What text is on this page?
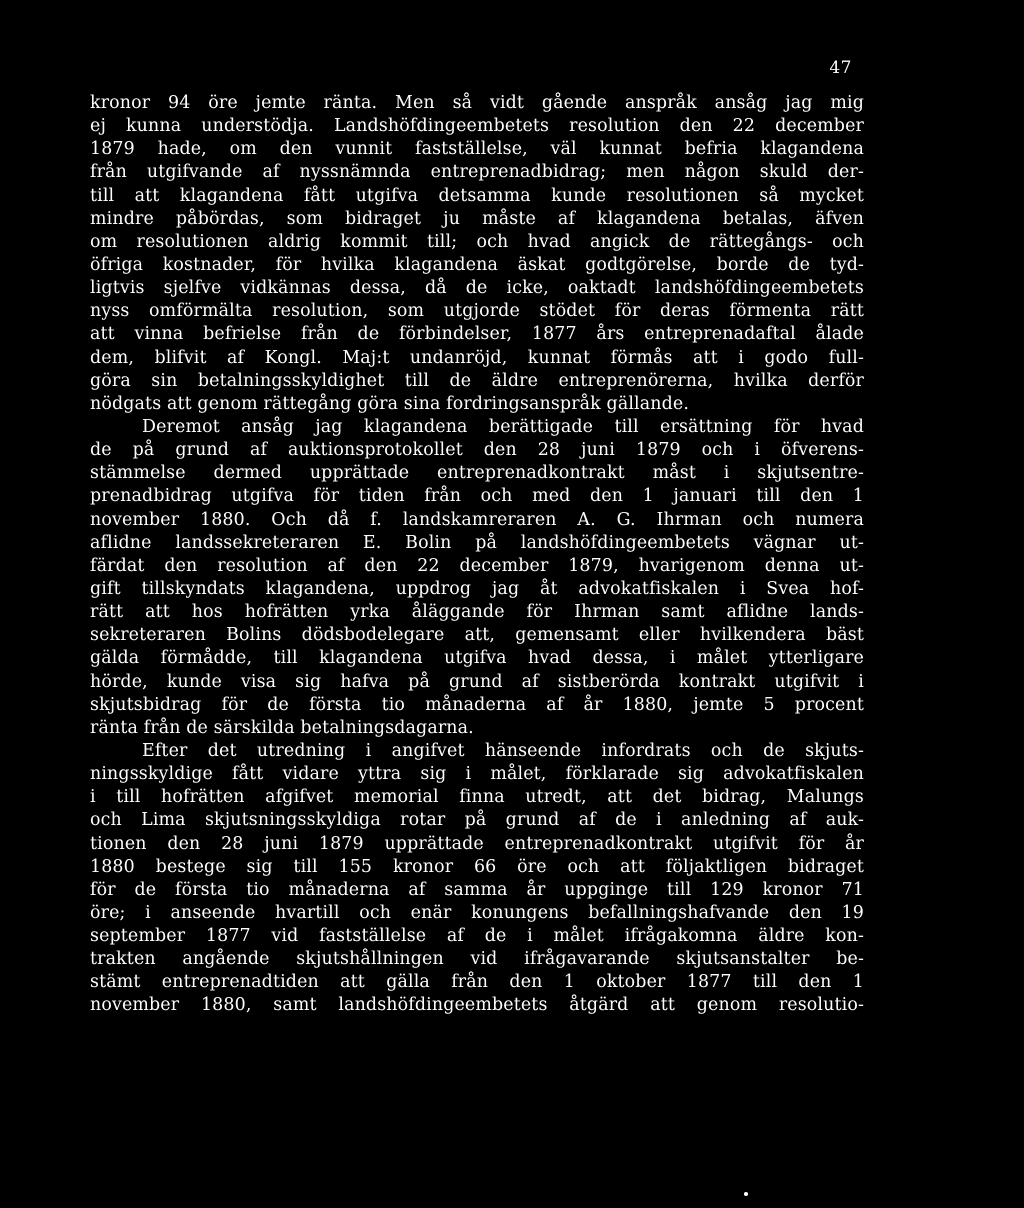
47
kronor 94 öre jemte ränta. Men så vidt gående anspråk ansåg jag mig
ej kunna understödja. Landshöfdingeembetets resolution den 22 december
1879 hade, om den vunnit fastställelse, väl kunnat befria klagandena
från utgifvande af nyssnämnda entreprenadbidrag; men någon skuld der-
till att klagandena fått utgifva detsamma kunde resolutionen så mycket
mindre påbördas, som bidraget ju måste af klagandena betalas, äfven
om resolutionen aldrig kommit till; och hvad angick de rättegångs- och
öfriga kostnader, för hvilka klagandena äskat godtgörelse, borde de tyd-
ligtvis sjelfve vidkännas dessa, då de icke, oaktadt landshöfdingeembetets
nyss omförmälta resolution, som utgjorde stödet för deras förmenta rätt
att vinna befrielse från de förbindelser, 1877 års entreprenadaftal ålade
dem, blifvit af Kongl. Maj:t undanröjd, kunnat förmås att i godo full-
göra sin betalningsskyldighet till de äldre entreprenörerna, hvilka derför
nödgats att genom rättegång göra sina fordringsanspråk gällande.
Deremot ansåg jag klagandena berättigade till ersättning för hvad
de på grund af auktionsprotokollet den 28 juni 1879 och i öfverens-
stämmelse dermed upprättade entreprenadkontrakt måst i skjutsentre-
prenadbidrag utgifva för tiden från och med den 1 januari till den 1
november 1880. Och då f. landskamreraren A. G. Ihrman och numera
aflidne landssekreteraren E. Bolin på landshöfdingeembetets vägnar ut-
färdat den resolution af den 22 december 1879, hvarigenom denna ut-
gift tillskyndats klagandena, uppdrog jag åt advokatfiskalen i Svea hof-
rätt att hos hofrätten yrka åläggande för Ihrman samt aflidne lands-
sekreteraren Bolins dödsbodelegare att, gemensamt eller hvilkendera bäst
gälda förmådde, till klagandena utgifva hvad dessa, i målet ytterligare
hörde, kunde visa sig hafva på grund af sistberörda kontrakt utgifvit i
skjutsbidrag för de första tio månaderna af år 1880, jemte 5 procent
ränta från de särskilda betalningsdagarna.
Efter det utredning i angifvet hänseende infordrats och de skjuts-
ningsskyldige fått vidare yttra sig i målet, förklarade sig advokatfiskalen
i till hofrätten afgifvet memorial finna utredt, att det bidrag, Malungs
och Lima skjutsningsskyldiga rotar på grund af de i anledning af auk-
tionen den 28 juni 1879 upprättade entreprenadkontrakt utgifvit för år
1880 bestege sig till 155 kronor 66 öre och att följaktligen bidraget
för de första tio månaderna af samma år uppginge till 129 kronor 71
öre; i anseende hvartill och enär konungens befallningshafvande den 19
september 1877 vid fastställelse af de i målet ifrågakomna äldre kon-
trakten angående skjutshållningen vid ifrågavarande skjutsanstalter be-
stämt entreprenadtiden att gälla från den 1 oktober 1877 till den 1
november 1880, samt landshöfdingeembetets åtgärd att genom resolutio-
